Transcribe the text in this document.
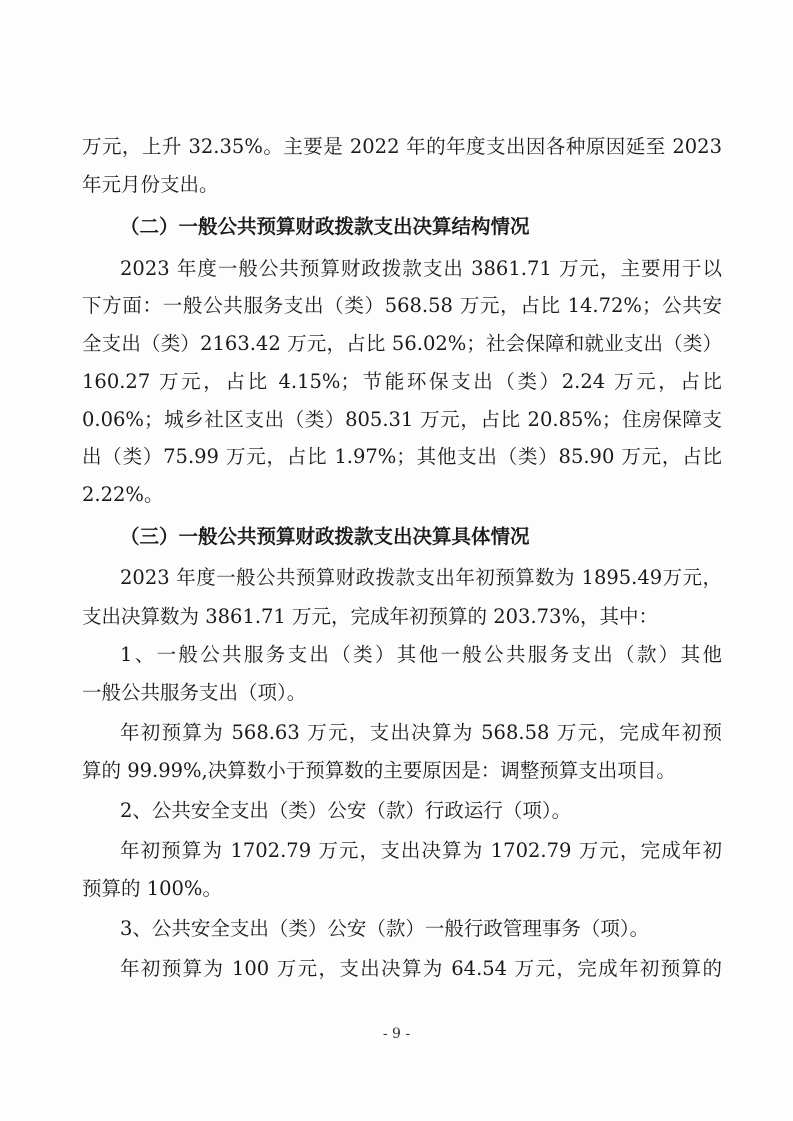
万元，上升 32.35%。主要是 2022 年的年度支出因各种原因延至 2023
年元月份支出。
（二）一般公共预算财政拨款支出决算结构情况
2023 年度一般公共预算财政拨款支出 3861.71 万元，主要用于以
下方面：一般公共服务支出（类）568.58 万元，占比 14.72%；公共安
全支出（类）2163.42 万元，占比 56.02%；社会保障和就业支出（类）
160.27 万元，占比 4.15%；节能环保支出（类）2.24 万元，占比
0.06%；城乡社区支出（类）805.31 万元，占比 20.85%；住房保障支
出（类）75.99 万元，占比 1.97%；其他支出（类）85.90 万元，占比
2.22%。
（三）一般公共预算财政拨款支出决算具体情况
2023 年度一般公共预算财政拨款支出年初预算数为 1895.49万元，
支出决算数为 3861.71 万元，完成年初预算的 203.73%，其中：
1、一般公共服务支出（类）其他一般公共服务支出（款）其他
一般公共服务支出（项）。
年初预算为 568.63 万元，支出决算为 568.58 万元，完成年初预
算的 99.99%,决算数小于预算数的主要原因是：调整预算支出项目。
2、公共安全支出（类）公安（款）行政运行（项）。
年初预算为 1702.79 万元，支出决算为 1702.79 万元，完成年初
预算的 100%。
3、公共安全支出（类）公安（款）一般行政管理事务（项）。
年初预算为 100 万元，支出决算为 64.54 万元，完成年初预算的
- 9 -
